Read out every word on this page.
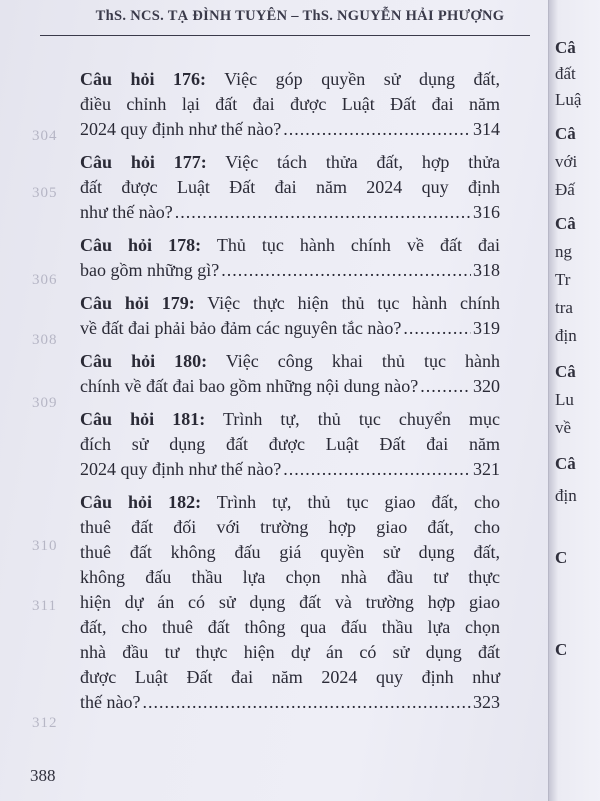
ThS. NCS. TẠ ĐÌNH TUYÊN – ThS. NGUYỄN HẢI PHƯỢNG
304
305
306
308
309
310
311
312
Câu hỏi 176: Việc góp quyền sử dụng đất,
điều chỉnh lại đất đai được Luật Đất đai năm
2024 quy định như thế nào? .....	314
Câu hỏi 177: Việc tách thửa đất, hợp thửa
đất được Luật Đất đai năm 2024 quy định
như thế nào? .....	316
Câu hỏi 178: Thủ tục hành chính về đất đai
bao gồm những gì? .....	318
Câu hỏi 179: Việc thực hiện thủ tục hành chính
về đất đai phải bảo đảm các nguyên tắc nào? .....	319
Câu hỏi 180: Việc công khai thủ tục hành
chính về đất đai bao gồm những nội dung nào? .....	320
Câu hỏi 181: Trình tự, thủ tục chuyển mục
đích sử dụng đất được Luật Đất đai năm
2024 quy định như thế nào? .....	321
Câu hỏi 182: Trình tự, thủ tục giao đất, cho
thuê đất đối với trường hợp giao đất, cho
thuê đất không đấu giá quyền sử dụng đất,
không đấu thầu lựa chọn nhà đầu tư thực
hiện dự án có sử dụng đất và trường hợp giao
đất, cho thuê đất thông qua đấu thầu lựa chọn
nhà đầu tư thực hiện dự án có sử dụng đất
được Luật Đất đai năm 2024 quy định như
thế nào? .....	323
388
Câ
đất
Luậ
Câ
với
Đấ
Câ
ng
Tr
tra
địn
Câ
Lu
về
Câ
địn
C
C
